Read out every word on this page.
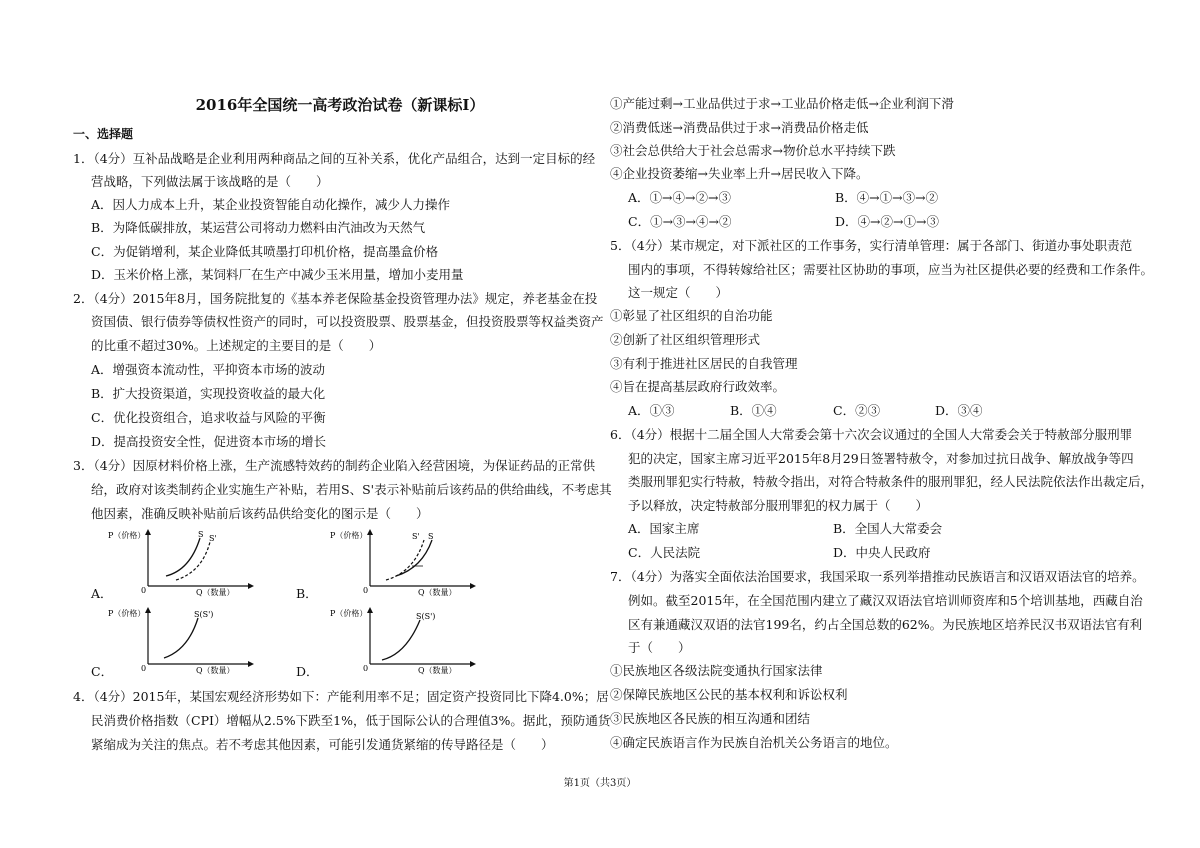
2016年全国统一高考政治试卷（新课标Ⅰ）
一、选择题
1．（4分）互补品战略是企业利用两种商品之间的互补关系，优化产品组合，达到一定目标的经
营战略，下列做法属于该战略的是（　　）
A．因人力成本上升，某企业投资智能自动化操作，减少人力操作
B．为降低碳排放，某运营公司将动力燃料由汽油改为天然气
C．为促销增利，某企业降低其喷墨打印机价格，提高墨盒价格
D．玉米价格上涨，某饲料厂在生产中减少玉米用量，增加小麦用量
2．（4分）2015年8月，国务院批复的《基本养老保险基金投资管理办法》规定，养老基金在投
资国债、银行债券等债权性资产的同时，可以投资股票、股票基金，但投资股票等权益类资产
的比重不超过30%。上述规定的主要目的是（　　）
A．增强资本流动性，平抑资本市场的波动
B．扩大投资渠道，实现投资收益的最大化
C．优化投资组合，追求收益与风险的平衡
D．提高投资安全性，促进资本市场的增长
3．（4分）因原材料价格上涨，生产流感特效药的制药企业陷入经营困境，为保证药品的正常供
给，政府对该类制药企业实施生产补贴，若用S、S'表示补贴前后该药品的供给曲线，不考虑其
他因素，准确反映补贴前后该药品供给变化的图示是（　　）
A．
P（价格）
0
S S'
Q（数量）	B．
P（价格）
0
S' S
Q（数量）
C．
P（价格）
0
S(S')
Q（数量）	D．
P（价格）
0
S(S')
Q（数量）
4．（4分）2015年，某国宏观经济形势如下：产能利用率不足；固定资产投资同比下降4.0%；居
民消费价格指数（CPI）增幅从2.5%下跌至1%，低于国际公认的合理值3%。据此，预防通货
紧缩成为关注的焦点。若不考虑其他因素，可能引发通货紧缩的传导路径是（　　）
①产能过剩→工业品供过于求→工业品价格走低→企业利润下滑
②消费低迷→消费品供过于求→消费品价格走低
③社会总供给大于社会总需求→物价总水平持续下跌
④企业投资萎缩→失业率上升→居民收入下降。
A．①→④→②→③	B．④→①→③→②
C．①→③→④→②	D．④→②→①→③
5．（4分）某市规定，对下派社区的工作事务，实行清单管理：属于各部门、街道办事处职责范
围内的事项，不得转嫁给社区；需要社区协助的事项，应当为社区提供必要的经费和工作条件。
这一规定（　　）
①彰显了社区组织的自治功能
②创新了社区组织管理形式
③有利于推进社区居民的自我管理
④旨在提高基层政府行政效率。
A．①③	B．①④	C．②③	D．③④
6．（4分）根据十二届全国人大常委会第十六次会议通过的全国人大常委会关于特赦部分服刑罪
犯的决定，国家主席习近平2015年8月29日签署特赦令，对参加过抗日战争、解放战争等四
类服刑罪犯实行特赦，特赦令指出，对符合特赦条件的服刑罪犯，经人民法院依法作出裁定后，
予以释放，决定特赦部分服刑罪犯的权力属于（　　）
A．国家主席	B．全国人大常委会
C．人民法院	D．中央人民政府
7．（4分）为落实全面依法治国要求，我国采取一系列举措推动民族语言和汉语双语法官的培养。
例如。截至2015年，在全国范围内建立了藏汉双语法官培训师资库和5个培训基地，西藏自治
区有兼通藏汉双语的法官199名，约占全国总数的62%。为民族地区培养民汉书双语法官有利
于（　　）
①民族地区各级法院变通执行国家法律
②保障民族地区公民的基本权利和诉讼权利
③民族地区各民族的相互沟通和团结
④确定民族语言作为民族自治机关公务语言的地位。
第1页（共3页）
